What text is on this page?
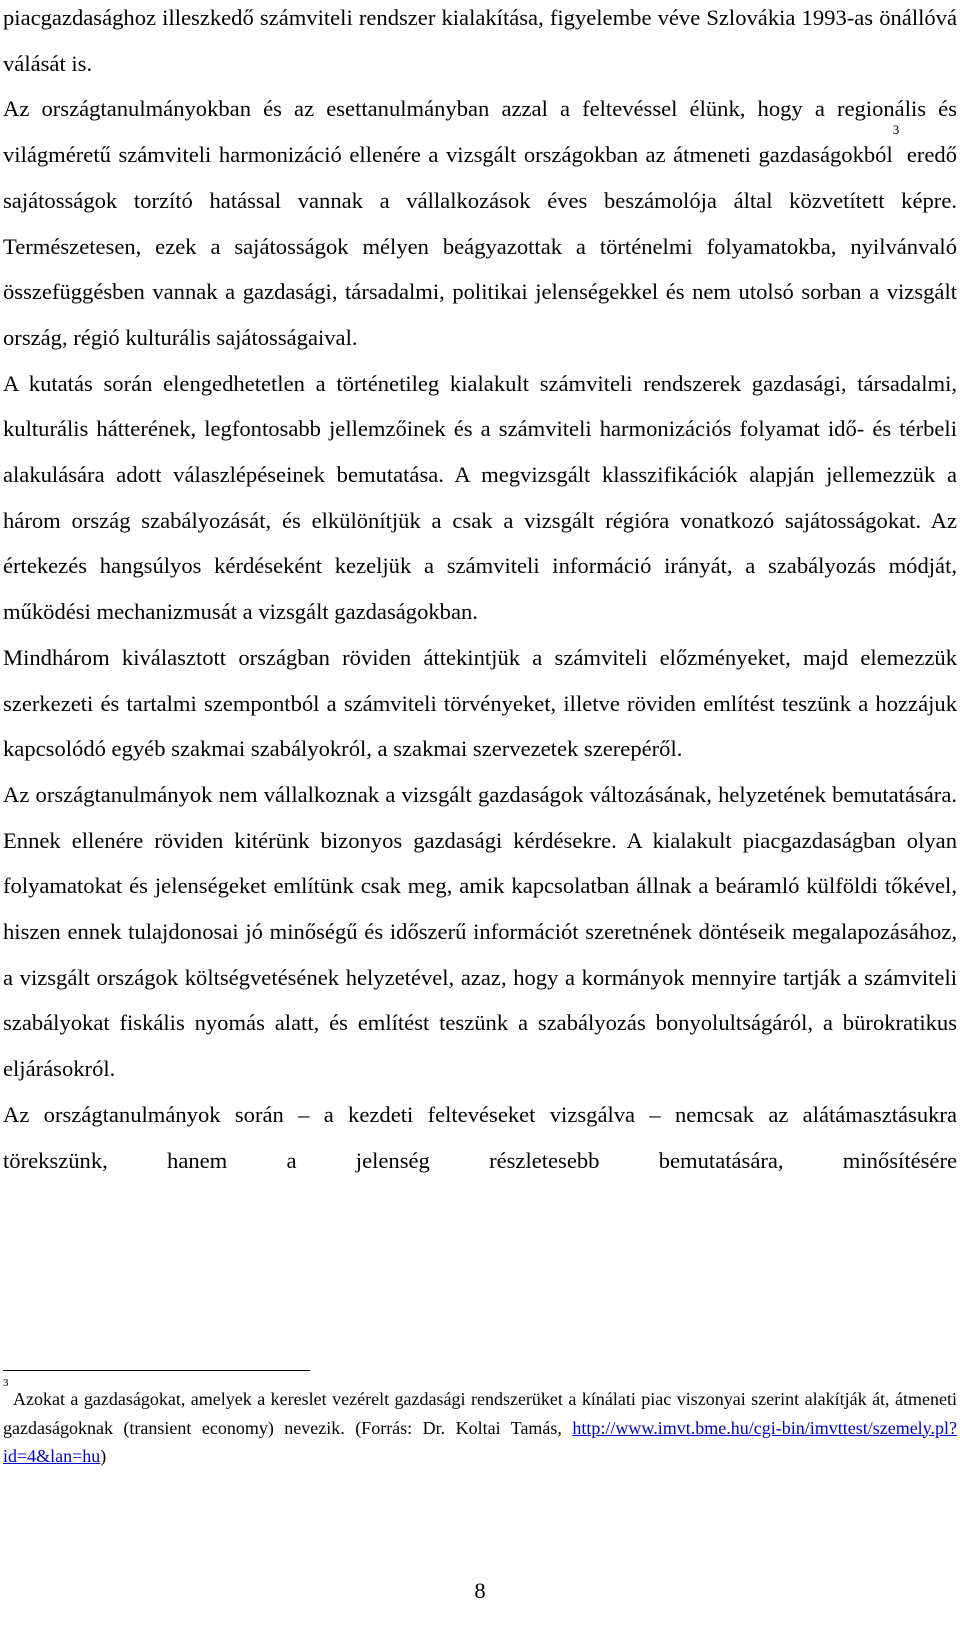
piacgazdasághoz illeszkedő számviteli rendszer kialakítása, figyelembe véve Szlovákia 1993-as önállóvá válását is.

Az országtanulmányokban és az esettanulmányban azzal a feltevéssel élünk, hogy a regionális és világméretű számviteli harmonizáció ellenére a vizsgált országokban az átmeneti gazdaságokból$^3$ eredő sajátosságok torzító hatással vannak a vállalkozások éves beszámolója által közvetített képre. Természetesen, ezek a sajátosságok mélyen beágyazottak a történelmi folyamatokba, nyilvánvaló összefüggésben vannak a gazdasági, társadalmi, politikai jelenségekkel és nem utolsó sorban a vizsgált ország, régió kulturális sajátosságaival.

A kutatás során elengedhetetlen a történetileg kialakult számviteli rendszerek gazdasági, társadalmi, kulturális hátterének, legfontosabb jellemzőinek és a számviteli harmonizációs folyamat idő- és térbeli alakulására adott válaszlépéseinek bemutatása. A megvizsgált klasszifikációk alapján jellemezzük a három ország szabályozását, és elkülönítjük a csak a vizsgált régióra vonatkozó sajátosságokat. Az értekezés hangsúlyos kérdéseként kezeljük a számviteli információ irányát, a szabályozás módját, működési mechanizmusát a vizsgált gazdaságokban.

Mindhárom kiválasztott országban röviden áttekintjük a számviteli előzményeket, majd elemezzük szerkezeti és tartalmi szempontból a számviteli törvényeket, illetve röviden említést teszünk a hozzájuk kapcsolódó egyéb szakmai szabályokról, a szakmai szervezetek szerepéről.

Az országtanulmányok nem vállalkoznak a vizsgált gazdaságok változásának, helyzetének bemutatására. Ennek ellenére röviden kitérünk bizonyos gazdasági kérdésekre. A kialakult piacgazdaságban olyan folyamatokat és jelenségeket említünk csak meg, amik kapcsolatban állnak a beáramló külföldi tőkével, hiszen ennek tulajdonosai jó minőségű és időszerű információt szeretnének döntéseik megalapozásához, a vizsgált országok költségvetésének helyzetével, azaz, hogy a kormányok mennyire tartják a számviteli szabályokat fiskális nyomás alatt, és említést teszünk a szabályozás bonyolultságáról, a bürokratikus eljárásokról.

Az országtanulmányok során – a kezdeti feltevéseket vizsgálva – nemcsak az alátámasztásukra törekszünk, hanem a jelenség részletesebb bemutatására, minősítésére

$^3$ Azokat a gazdaságokat, amelyek a kereslet vezérelt gazdasági rendszerüket a kínálati piac viszonyai szerint alakítják át, átmeneti gazdaságoknak (transient economy) nevezik. (Forrás: Dr. Koltai Tamás, http://www.imvt.bme.hu/cgi-bin/imvttest/szemely.pl?id=4&lan=hu)

8
